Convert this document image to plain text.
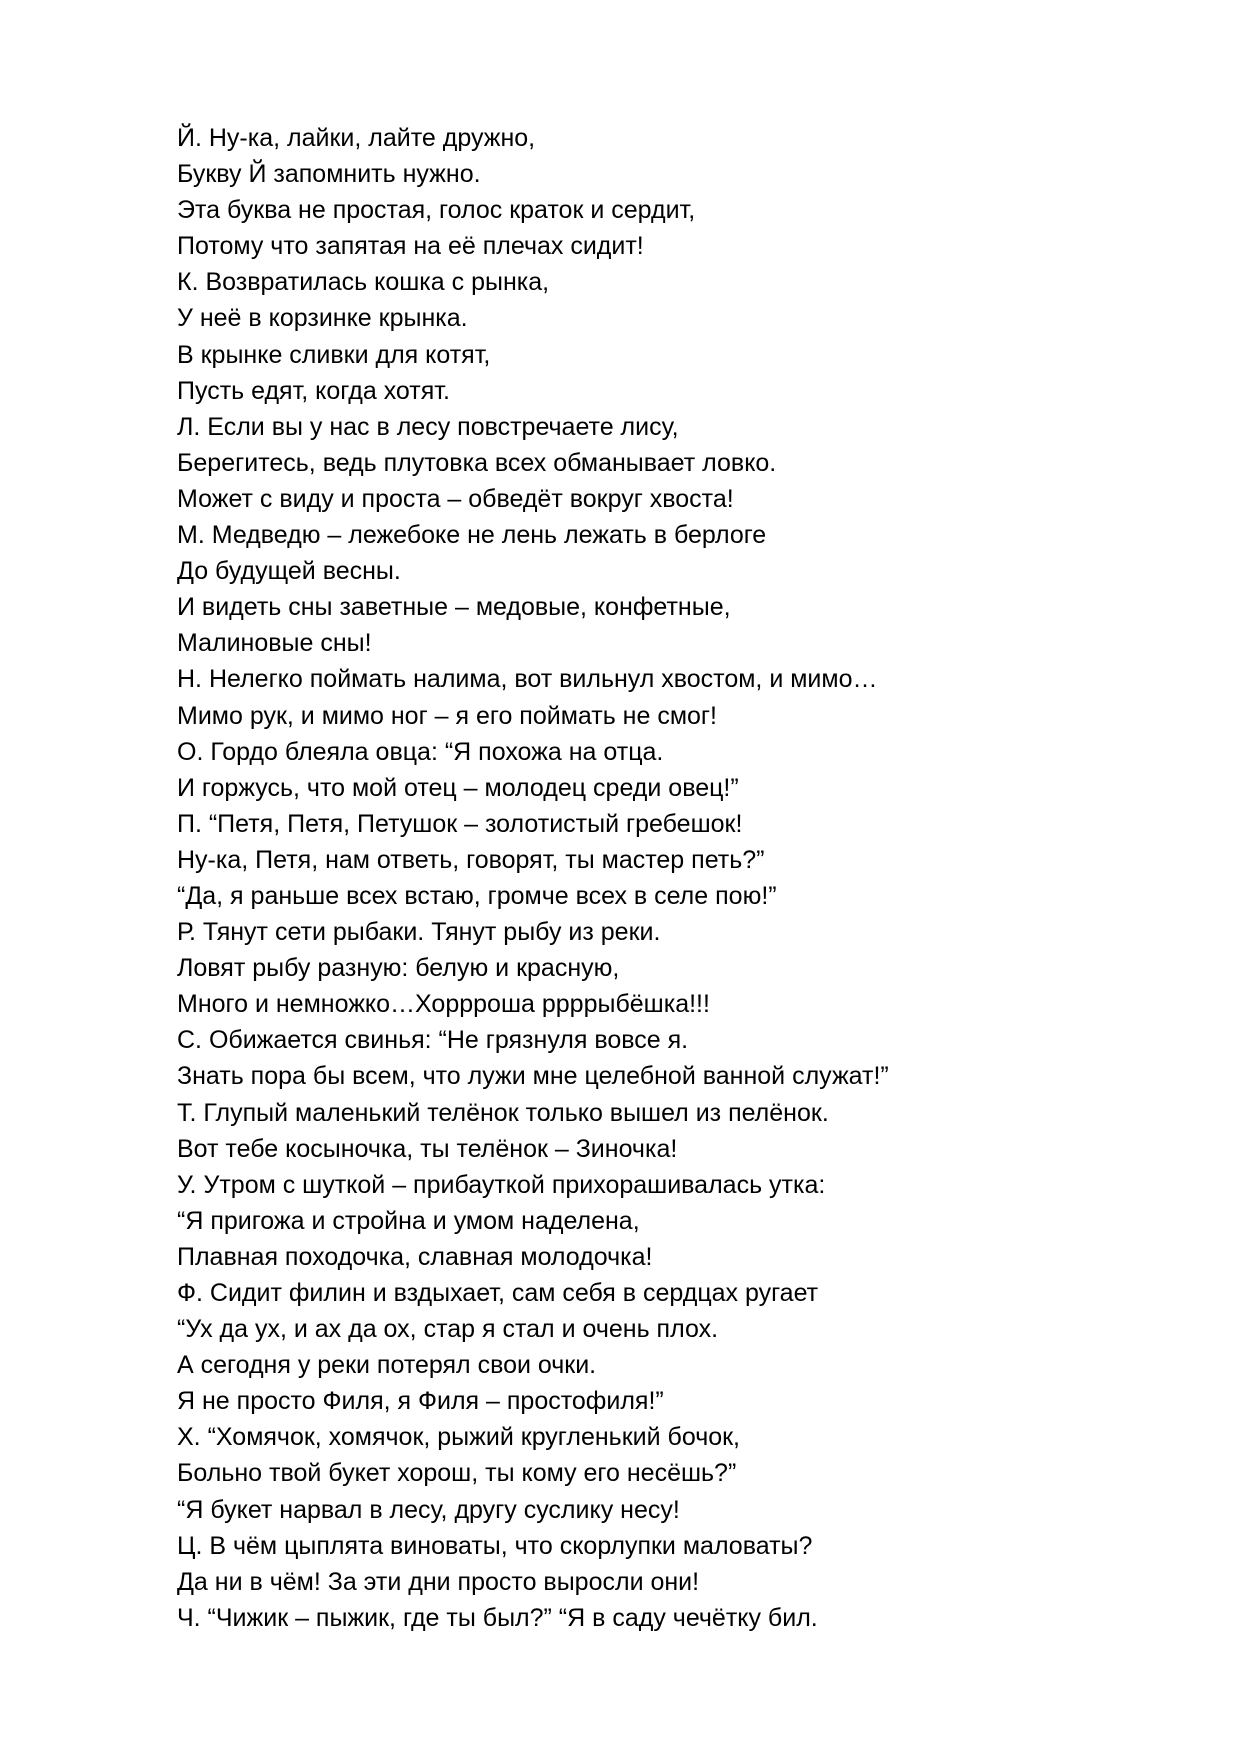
Й. Ну-ка, лайки, лайте дружно,
Букву Й запомнить нужно.
Эта буква не простая, голос краток и сердит,
Потому что запятая на её плечах сидит!
К. Возвратилась кошка с рынка,
У неё в корзинке крынка.
В крынке сливки для котят,
Пусть едят, когда хотят.
Л. Если вы у нас в лесу повстречаете лису,
Берегитесь, ведь плутовка всех обманывает ловко.
Может с виду и проста – обведёт вокруг хвоста!
М. Медведю – лежебоке не лень лежать в берлоге
До будущей весны.
И видеть сны заветные – медовые, конфетные,
Малиновые сны!
Н. Нелегко поймать налима, вот вильнул хвостом, и мимо…
Мимо рук, и мимо ног – я его поймать не смог!
О. Гордо блеяла овца: “Я похожа на отца.
И горжусь, что мой отец – молодец среди овец!”
П. “Петя, Петя, Петушок – золотистый гребешок!
Ну-ка, Петя, нам ответь, говорят, ты мастер петь?”
“Да, я раньше всех встаю, громче всех в селе пою!”
Р. Тянут сети рыбаки. Тянут рыбу из реки.
Ловят рыбу разную: белую и красную,
Много и немножко…Хоррроша ррррыбёшка!!!
С. Обижается свинья: “Не грязнуля вовсе я.
Знать пора бы всем, что лужи мне целебной ванной служат!”
Т. Глупый маленький телёнок только вышел из пелёнок.
Вот тебе косыночка, ты телёнок – Зиночка!
У. Утром с шуткой – прибауткой прихорашивалась утка:
“Я пригожа и стройна и умом наделена,
Плавная походочка, славная молодочка!
Ф. Сидит филин и вздыхает, сам себя в сердцах ругает
“Ух да ух, и ах да ох, стар я стал и очень плох.
А сегодня у реки потерял свои очки.
Я не просто Филя, я Филя – простофиля!”
Х. “Хомячок, хомячок, рыжий кругленький бочок,
Больно твой букет хорош, ты кому его несёшь?”
“Я букет нарвал в лесу, другу суслику несу!
Ц. В чём цыплята виноваты, что скорлупки маловаты?
Да ни в чём! За эти дни просто выросли они!
Ч. “Чижик – пыжик, где ты был?” “Я в саду чечётку бил.
